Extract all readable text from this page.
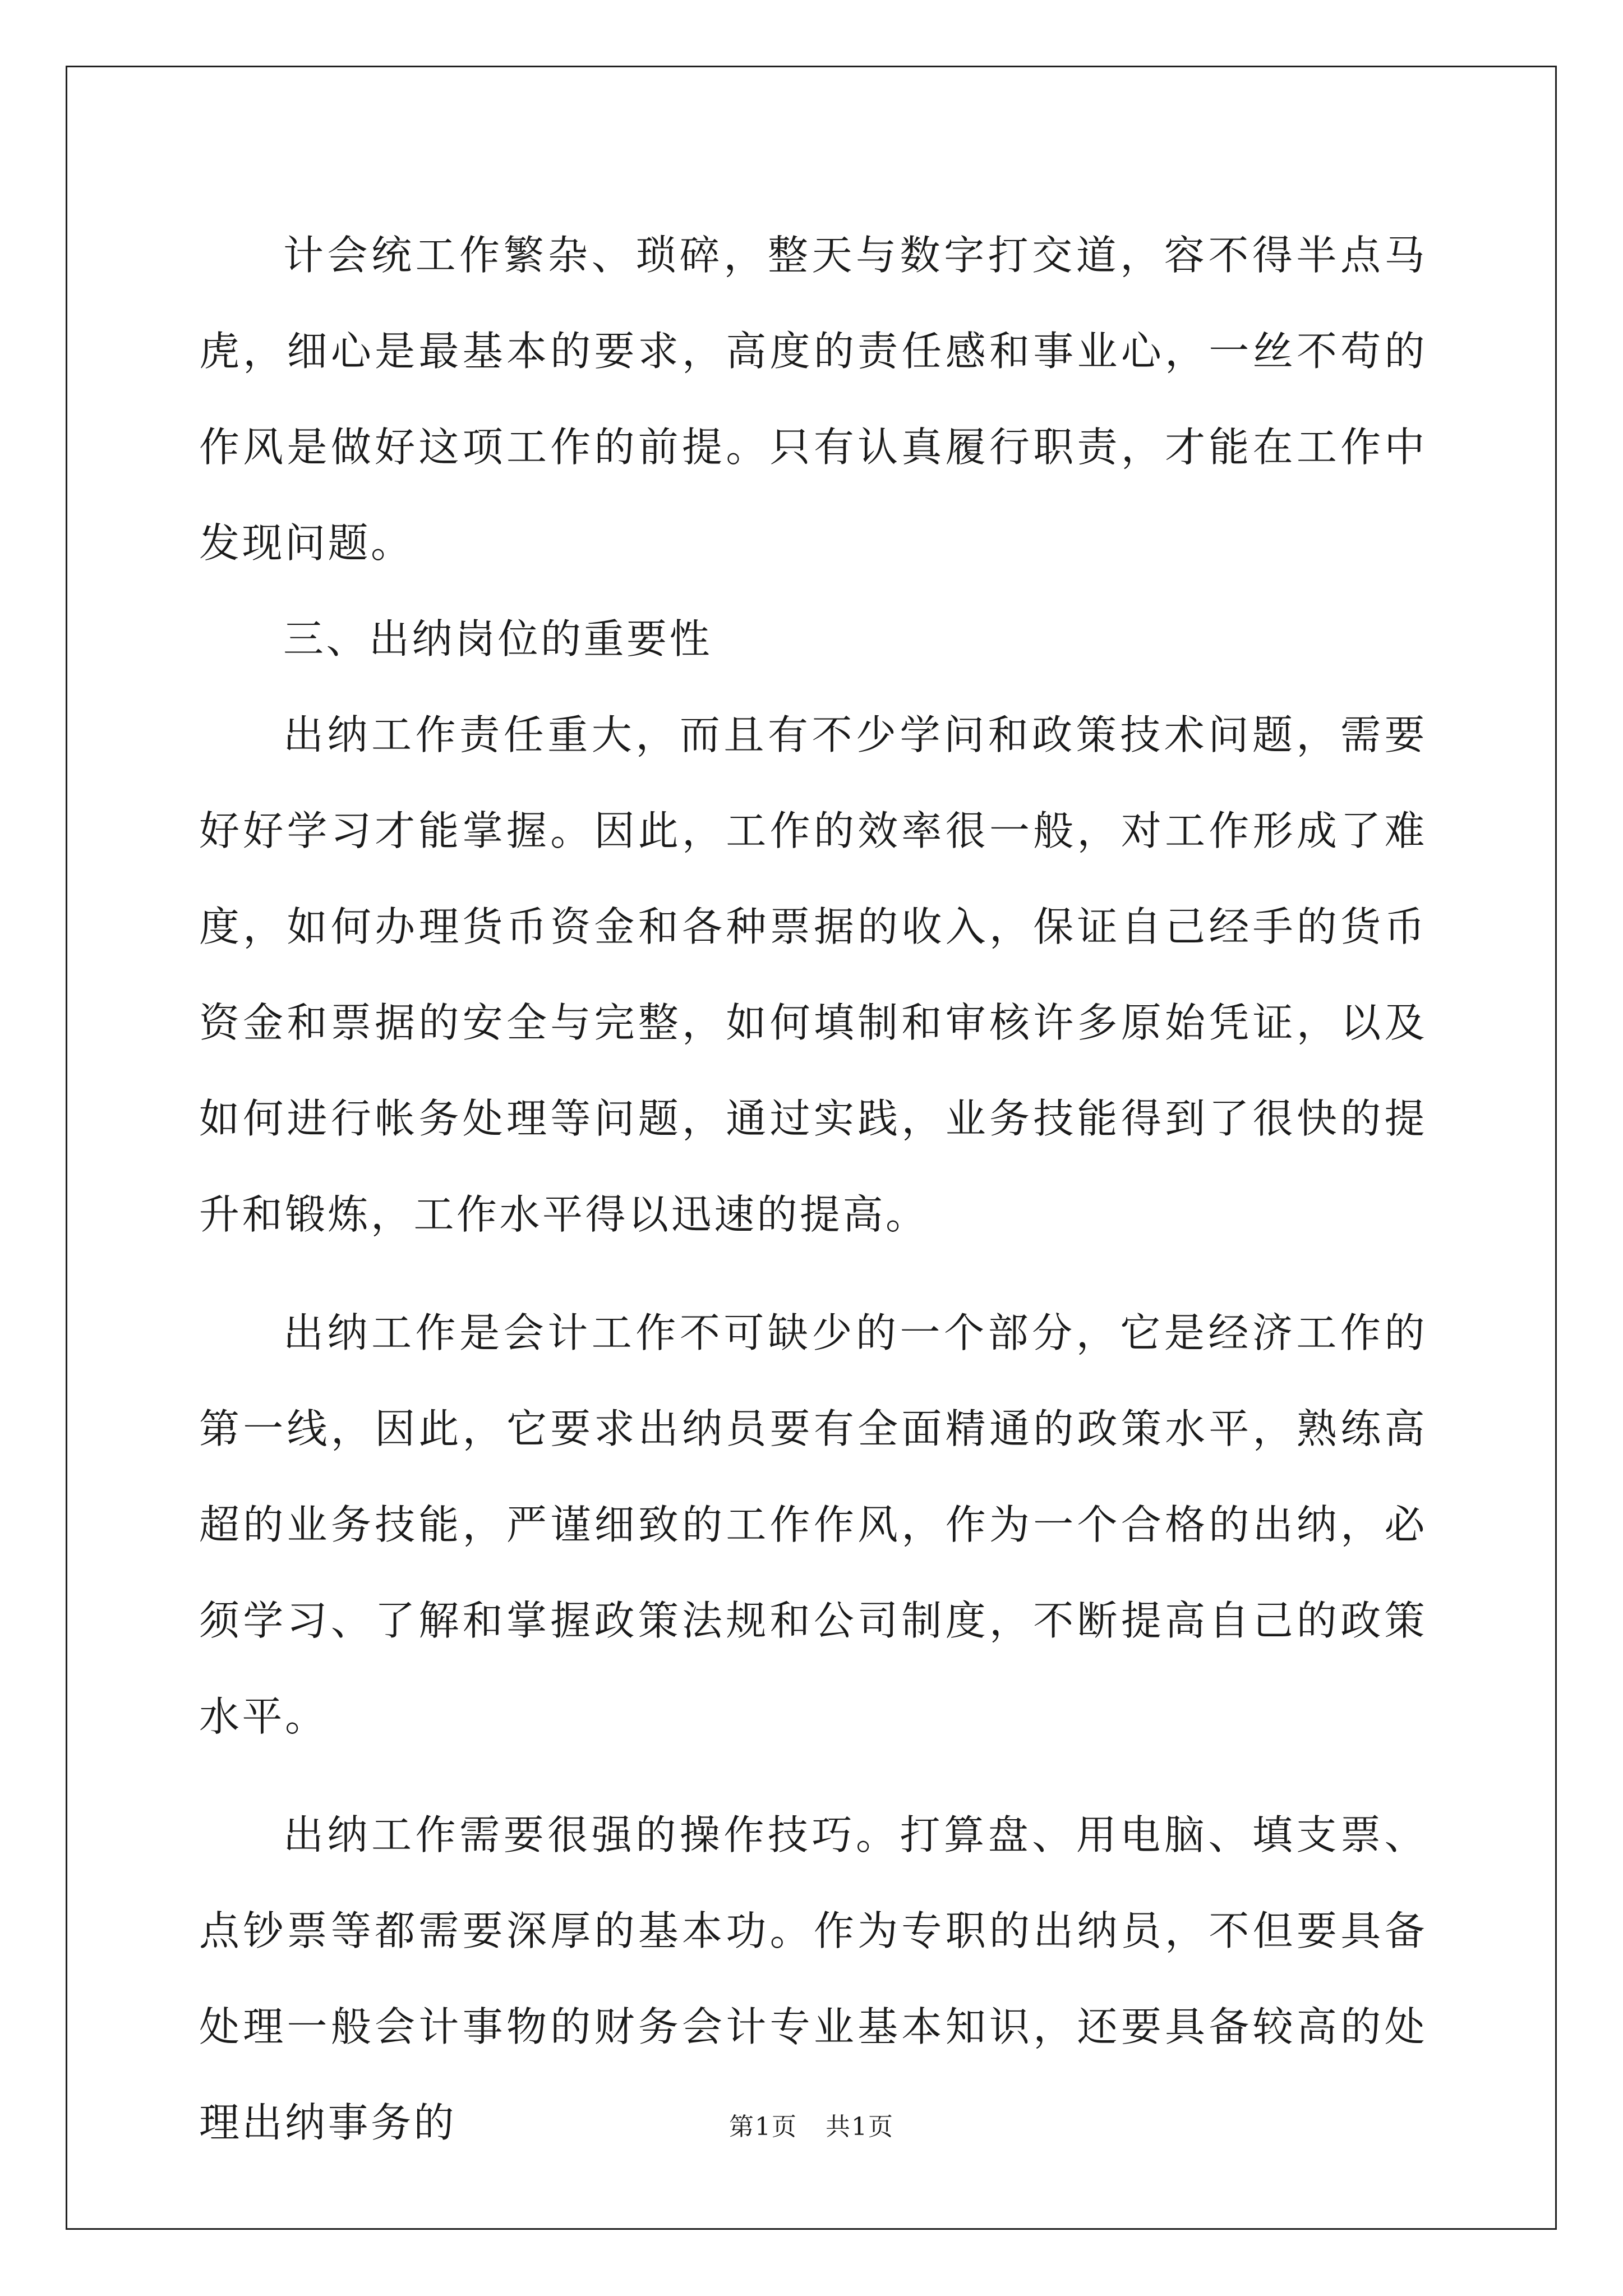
计会统工作繁杂、琐碎，整天与数字打交道，容不得半点马虎，细心是最基本的要求，高度的责任感和事业心，一丝不苟的作风是做好这项工作的前提。只有认真履行职责，才能在工作中发现问题。

三、出纳岗位的重要性

出纳工作责任重大，而且有不少学问和政策技术问题，需要好好学习才能掌握。因此，工作的效率很一般，对工作形成了难度，如何办理货币资金和各种票据的收入，保证自己经手的货币资金和票据的安全与完整，如何填制和审核许多原始凭证，以及如何进行帐务处理等问题，通过实践，业务技能得到了很快的提升和锻炼，工作水平得以迅速的提高。

出纳工作是会计工作不可缺少的一个部分，它是经济工作的第一线，因此，它要求出纳员要有全面精通的政策水平，熟练高超的业务技能，严谨细致的工作作风，作为一个合格的出纳，必须学习、了解和掌握政策法规和公司制度，不断提高自己的政策水平。

出纳工作需要很强的操作技巧。打算盘、用电脑、填支票、点钞票等都需要深厚的基本功。作为专职的出纳员，不但要具备处理一般会计事物的财务会计专业基本知识，还要具备较高的处理出纳事务的	第1页 共1页
